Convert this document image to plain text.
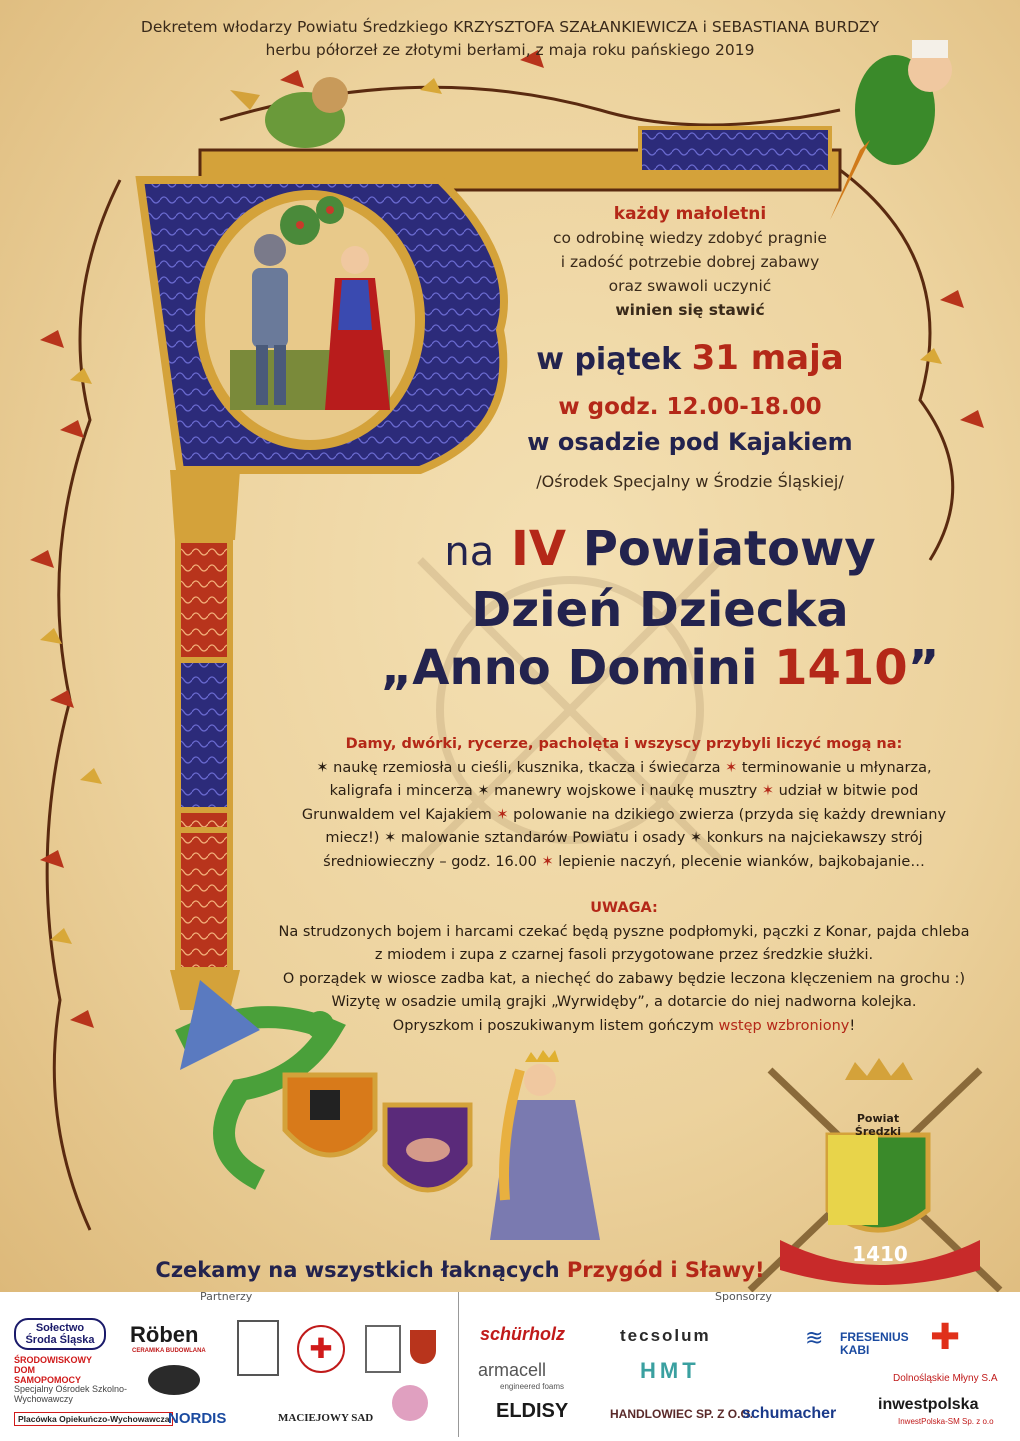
Dekretem włodarzy Powiatu Średzkiego KRZYSZTOFA SZAŁANKIEWICZA i SEBASTIANA BURDZY
herbu półorzeł ze złotymi berłami, z maja roku pańskiego 2019
każdy małoletni
co odrobinę wiedzy zdobyć pragnie
i zadość potrzebie dobrej zabawy
oraz swawoli uczynić
winien się stawić
w piątek 31 maja
w godz. 12.00-18.00
w osadzie pod Kajakiem
/Ośrodek Specjalny w Środzie Śląskiej/
na IV Powiatowy
Dzień Dziecka
„Anno Domini 1410”
Damy, dwórki, rycerze, pacholęta i wszyscy przybyli liczyć mogą na:
✶ naukę rzemiosła u cieśli, kusznika, tkacza i świecarza ✶ terminowanie u młynarza,
kaligrafa i mincerza ✶ manewry wojskowe i naukę musztry ✶ udział w bitwie pod
Grunwaldem vel Kajakiem ✶ polowanie na dzikiego zwierza (przyda się każdy drewniany
miecz!) ✶ malowanie sztandarów Powiatu i osady ✶ konkurs na najciekawszy strój
średniowieczny – godz. 16.00 ✶ lepienie naczyń, plecenie wianków, bajkobajanie…
UWAGA:
Na strudzonych bojem i harcami czekać będą pyszne podpłomyki, pączki z Konar, pajda chleba
z miodem i zupa z czarnej fasoli przygotowane przez średzkie służki.
O porządek w wiosce zadba kat, a niechęć do zabawy będzie leczona klęczeniem na grochu :)
Wizytę w osadzie umilą grajki „Wyrwidęby”, a dotarcie do niej nadworna kolejka.
Opryszkom i poszukiwanym listem gończym wstęp wzbroniony!
Powiat Średzki
1410
Czekamy na wszystkich łaknących Przygód i Sławy!
Partnerzy	Sponsorzy
Sołectwo Środa Śląska
ŚRODOWISKOWY DOM SAMOPOMOCY
Specjalny Ośrodek Szkolno-Wychowawczy
Placówka Opiekuńczo-Wychowawcza
Röben
CERAMIKA BUDOWLANA
NORDIS
✚
MACIEJOWY SAD
schürholz	tecsolum	≋ FRESENIUS
KABI	✚
armacell
engineered foams
HMT	Dolnośląskie Młyny S.A
ELDISY	HANDLOWIEC SP. Z O.O.
schumacher
inwestpolska
InwestPolska-SM Sp. z o.o
